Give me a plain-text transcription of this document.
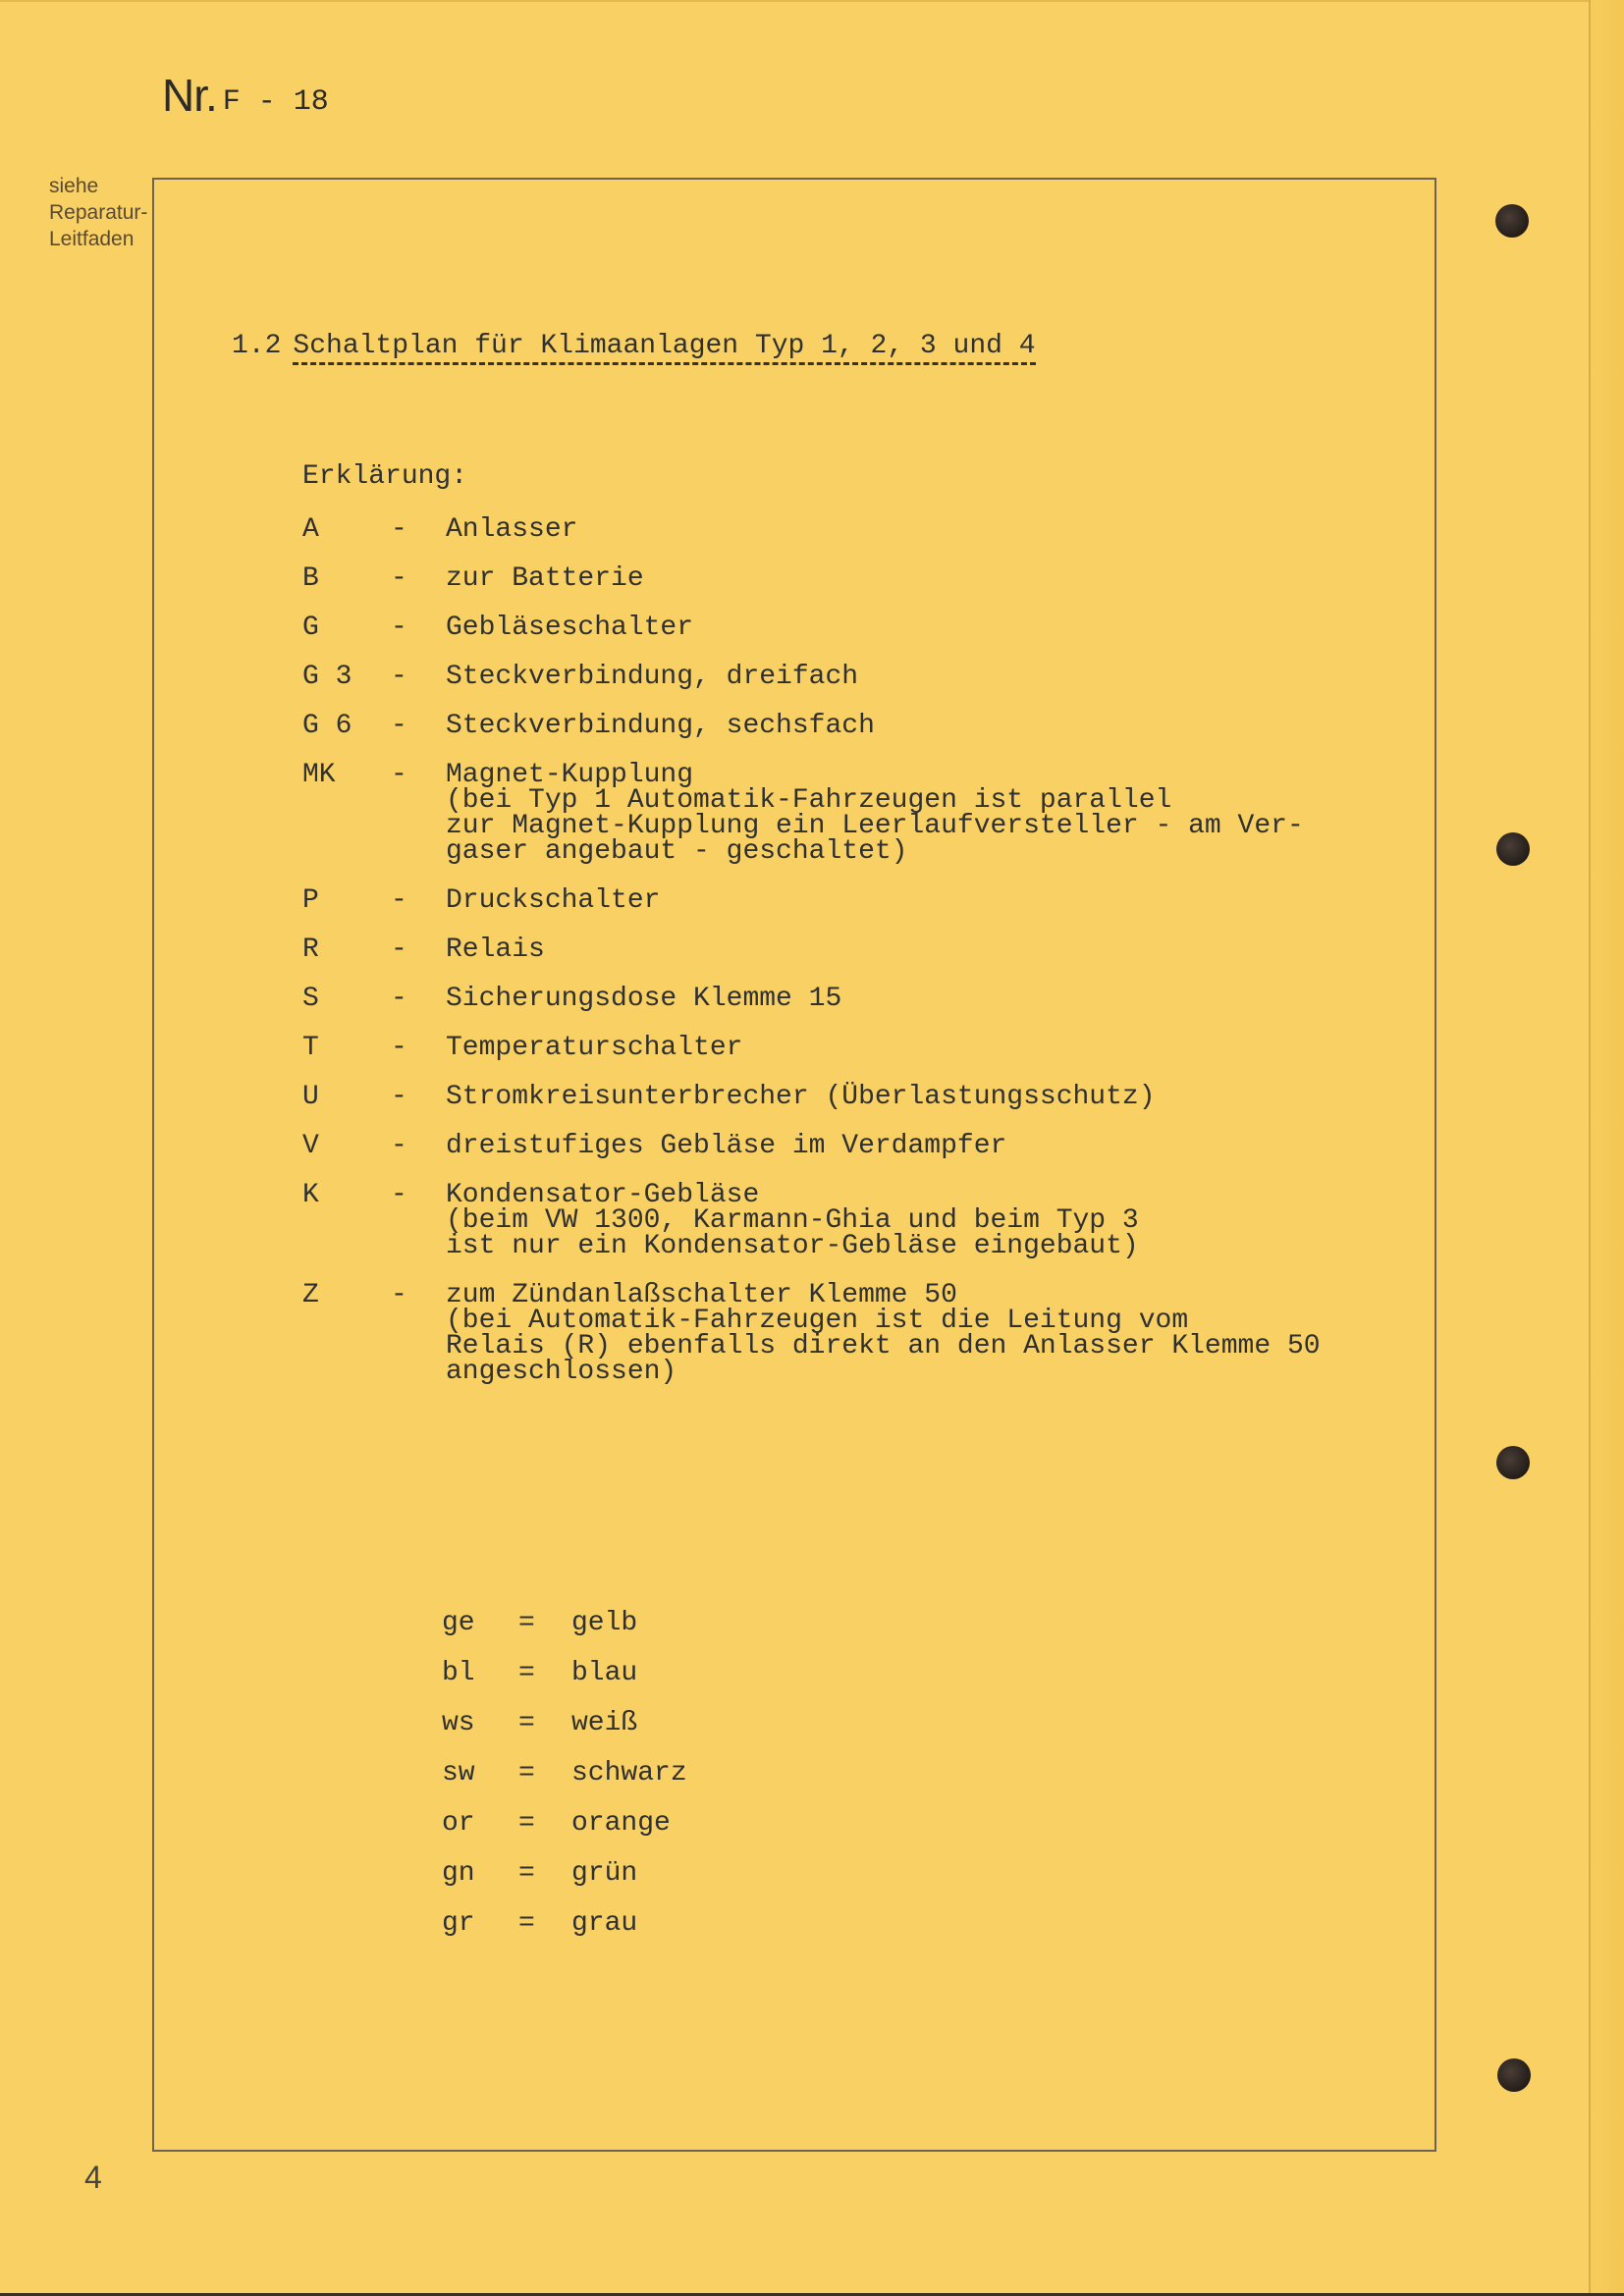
Nr. F - 18
siehe
Reparatur-
Leitfaden
1.2 Schaltplan für Klimaanlagen Typ 1, 2, 3 und 4
Erklärung:
A	-	Anlasser
B	-	zur Batterie
G	-	Gebläseschalter
G 3	-	Steckverbindung, dreifach
G 6	-	Steckverbindung, sechsfach
MK	-	Magnet-Kupplung
(bei Typ 1 Automatik-Fahrzeugen ist parallel
zur Magnet-Kupplung ein Leerlaufversteller - am Ver-
gaser angebaut - geschaltet)
P	-	Druckschalter
R	-	Relais
S	-	Sicherungsdose Klemme 15
T	-	Temperaturschalter
U	-	Stromkreisunterbrecher (Überlastungsschutz)
V	-	dreistufiges Gebläse im Verdampfer
K	-	Kondensator-Gebläse
(beim VW 1300, Karmann-Ghia und beim Typ 3
ist nur ein Kondensator-Gebläse eingebaut)
Z	-	zum Zündanlaßschalter Klemme 50
(bei Automatik-Fahrzeugen ist die Leitung vom
Relais (R) ebenfalls direkt an den Anlasser Klemme 50
angeschlossen)
ge	=	gelb
bl	=	blau
ws	=	weiß
sw	=	schwarz
or	=	orange
gn	=	grün
gr	=	grau
4
